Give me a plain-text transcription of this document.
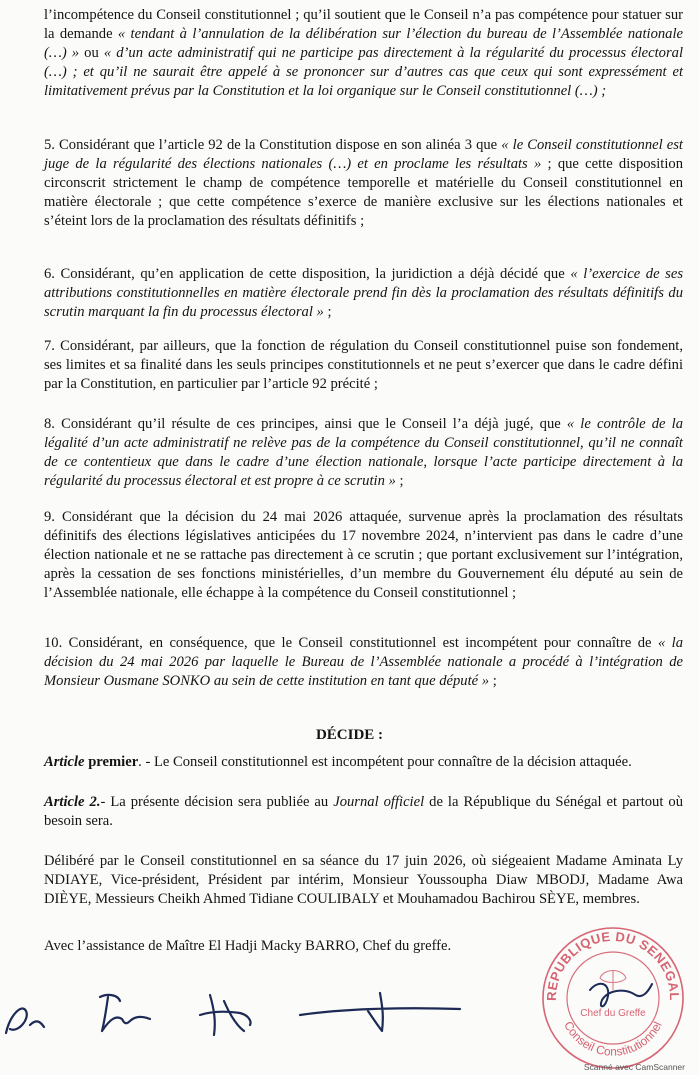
l’incompétence du Conseil constitutionnel ; qu’il soutient que le Conseil n’a pas compétence pour statuer sur la demande « tendant à l’annulation de la délibération sur l’élection du bureau de l’Assemblée nationale (…) » ou « d’un acte administratif qui ne participe pas directement à la régularité du processus électoral (…) ; et qu’il ne saurait être appelé à se prononcer sur d’autres cas que ceux qui sont expressément et limitativement prévus par la Constitution et la loi organique sur le Conseil constitutionnel (…) ;

5. Considérant que l’article 92 de la Constitution dispose en son alinéa 3 que « le Conseil constitutionnel est juge de la régularité des élections nationales (…) et en proclame les résultats » ; que cette disposition circonscrit strictement le champ de compétence temporelle et matérielle du Conseil constitutionnel en matière électorale ; que cette compétence s’exerce de manière exclusive sur les élections nationales et s’éteint lors de la proclamation des résultats définitifs ;

6. Considérant, qu’en application de cette disposition, la juridiction a déjà décidé que « l’exercice de ses attributions constitutionnelles en matière électorale prend fin dès la proclamation des résultats définitifs du scrutin marquant la fin du processus électoral » ;

7. Considérant, par ailleurs, que la fonction de régulation du Conseil constitutionnel puise son fondement, ses limites et sa finalité dans les seuls principes constitutionnels et ne peut s’exercer que dans le cadre défini par la Constitution, en particulier par l’article 92 précité ;

8. Considérant qu’il résulte de ces principes, ainsi que le Conseil l’a déjà jugé, que « le contrôle de la légalité d’un acte administratif ne relève pas de la compétence du Conseil constitutionnel, qu’il ne connaît de ce contentieux que dans le cadre d’une élection nationale, lorsque l’acte participe directement à la régularité du processus électoral et est propre à ce scrutin » ;

9. Considérant que la décision du 24 mai 2026 attaquée, survenue après la proclamation des résultats définitifs des élections législatives anticipées du 17 novembre 2024, n’intervient pas dans le cadre d’une élection nationale et ne se rattache pas directement à ce scrutin ; que portant exclusivement sur l’intégration, après la cessation de ses fonctions ministérielles, d’un membre du Gouvernement élu député au sein de l’Assemblée nationale, elle échappe à la compétence du Conseil constitutionnel ;

10. Considérant, en conséquence, que le Conseil constitutionnel est incompétent pour connaître de « la décision du 24 mai 2026 par laquelle le Bureau de l’Assemblée nationale a procédé à l’intégration de Monsieur Ousmane SONKO au sein de cette institution en tant que député » ;

DÉCIDE :

Article premier. - Le Conseil constitutionnel est incompétent pour connaître de la décision attaquée.

Article 2.- La présente décision sera publiée au Journal officiel de la République du Sénégal et partout où besoin sera.

Délibéré par le Conseil constitutionnel en sa séance du 17 juin 2026, où siégeaient Madame Aminata Ly NDIAYE, Vice-président, Président par intérim, Monsieur Youssoupha Diaw MBODJ, Madame Awa DIÈYE, Messieurs Cheikh Ahmed Tidiane COULIBALY et Mouhamadou Bachirou SÈYE, membres.

Avec l’assistance de Maître El Hadji Macky BARRO, Chef du greffe.

REPUBLIQUE DU SENEGAL
Conseil Constitutionnel
Chef du Greffe
Scanné avec CamScanner
